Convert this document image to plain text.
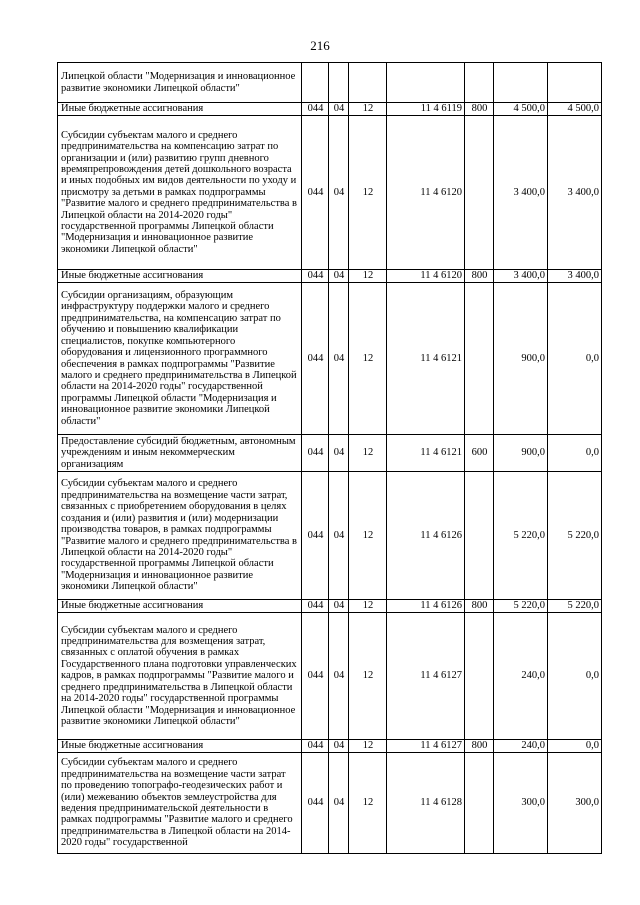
216
Липецкой области "Модернизация и инновационное развитие экономики Липецкой области"							
Иные бюджетные ассигнования	044	04	12	11 4 6119	800	4 500,0	4 500,0
Субсидии субъектам малого и среднего предпринимательства на компенсацию затрат по организации и (или) развитию групп дневного времяпрепровождения детей дошкольного возраста и иных подобных им видов деятельности по уходу и присмотру за детьми в рамках подпрограммы "Развитие малого и среднего предпринимательства в Липецкой области на 2014-2020 годы" государственной программы Липецкой области "Модернизация и инновационное развитие экономики Липецкой области"	044	04	12	11 4 6120		3 400,0	3 400,0
Иные бюджетные ассигнования	044	04	12	11 4 6120	800	3 400,0	3 400,0
Субсидии организациям, образующим инфраструктуру поддержки малого и среднего предпринимательства, на компенсацию затрат по обучению и повышению квалификации специалистов, покупке компьютерного оборудования и лицензионного программного обеспечения в рамках подпрограммы "Развитие малого и среднего предпринимательства в Липецкой области на 2014-2020 годы" государственной программы Липецкой области "Модернизация и инновационное развитие экономики Липецкой области"	044	04	12	11 4 6121		900,0	0,0
Предоставление субсидий бюджетным, автономным учреждениям и иным некоммерческим организациям	044	04	12	11 4 6121	600	900,0	0,0
Субсидии субъектам малого и среднего предпринимательства на возмещение части затрат, связанных с приобретением оборудования в целях создания и (или) развития и (или) модернизации производства товаров, в рамках подпрограммы "Развитие малого и среднего предпринимательства в Липецкой области на 2014-2020 годы" государственной программы Липецкой области "Модернизация и инновационное развитие экономики Липецкой области"	044	04	12	11 4 6126		5 220,0	5 220,0
Иные бюджетные ассигнования	044	04	12	11 4 6126	800	5 220,0	5 220,0
Субсидии субъектам малого и среднего предпринимательства для возмещения затрат, связанных с оплатой обучения в рамках Государственного плана подготовки управленческих кадров, в рамках подпрограммы "Развитие малого и среднего предпринимательства в Липецкой области на 2014-2020 годы" государственной программы Липецкой области "Модернизация и инновационное развитие экономики Липецкой области"	044	04	12	11 4 6127		240,0	0,0
Иные бюджетные ассигнования	044	04	12	11 4 6127	800	240,0	0,0
Субсидии субъектам малого и среднего предпринимательства на возмещение части затрат по проведению топографо-геодезических работ и (или) межеванию объектов землеустройства для ведения предпринимательской деятельности в рамках подпрограммы "Развитие малого и среднего предпринимательства в Липецкой области на 2014-2020 годы" государственной	044	04	12	11 4 6128		300,0	300,0
